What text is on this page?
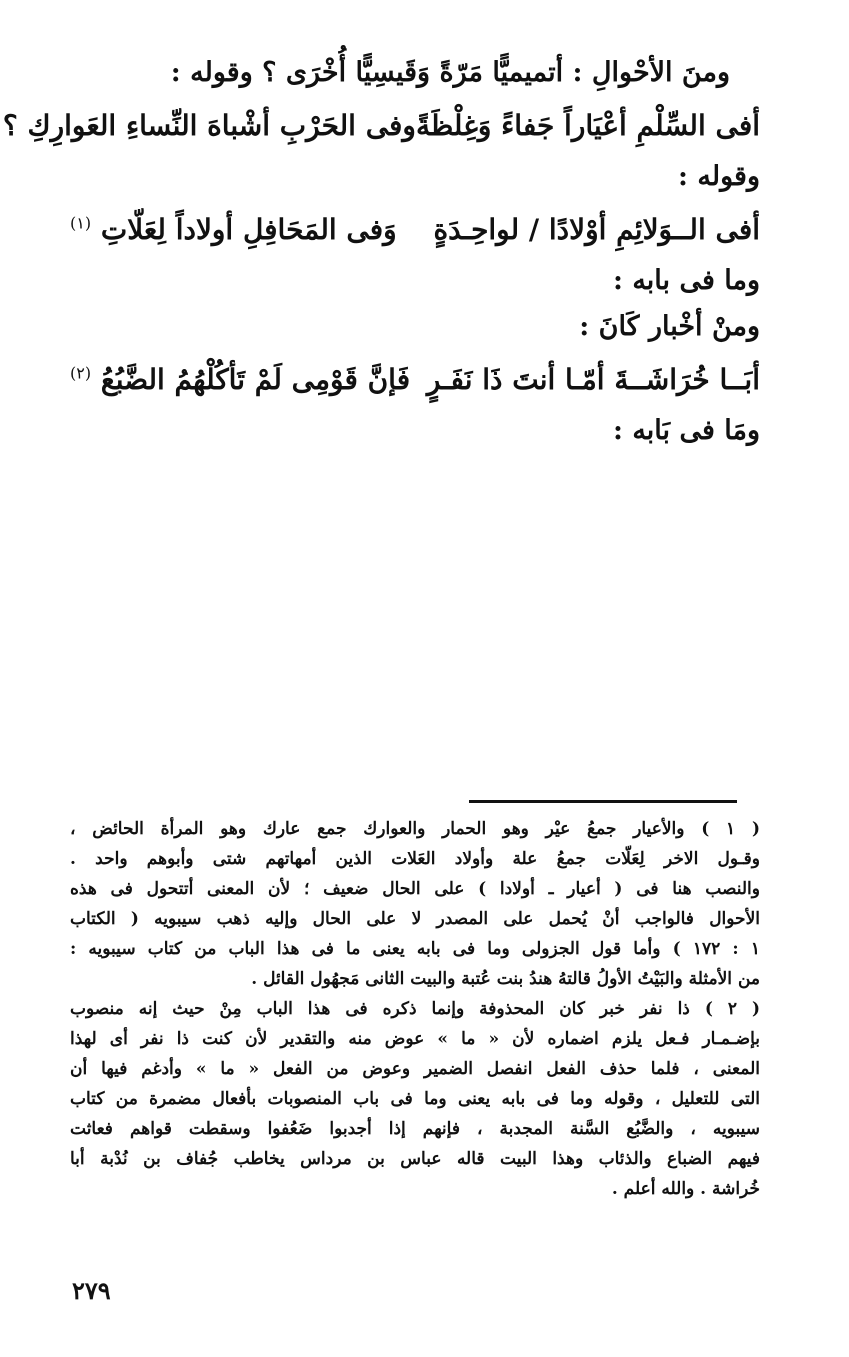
ومنَ الأحْوالِ : أتميميًّا مَرّةً وَقَيسِيًّا أُخْرَى ؟ وقوله :
أفى السِّلْمِ أعْيَاراً جَفاءً وَغِلْظَةً
وفى الحَرْبِ أشْباهَ النِّساءِ العَوارِكِ ؟
وقوله :
أفى الــوَلائِمِ أوْلادًا / لواحِـدَةٍ
وَفى المَحَافِلِ أولاداً لِعَلّاتِ $^{(١)}$
وما فى بابه :
ومنْ أخْبار كَانَ :
أبَــا خُرَاشَــةَ أمّـا أنتَ ذَا نَفَـرٍ
فَإنَّ قَوْمِى لَمْ تَأكُلْهُمُ الضَّبُعُ $^{(٢)}$
ومَا فى بَابه :
( ١ ) والأعيار جمعُ عيْر وهو الحمار والعوارك جمع عارك وهو المرأة الحائض ،
وقـول الاخر لِعَلّات جمعُ علة وأولاد العَلات الذين أمهاتهم شتى وأبوهم واحد .
والنصب هنا فى ( أعيار ـ أولادا ) على الحال ضعيف ؛ لأن المعنى أتتحول فى هذه
الأحوال فالواجب أنْ يُحمل على المصدر لا على الحال وإليه ذهب سيبويه ( الكتاب
١ : ١٧٢ ) وأما قول الجزولى وما فى بابه يعنى ما فى هذا الباب من كتاب سيبويه :
من الأمثلة والبَيْتُ الأولُ قالتهُ هندُ بنت عُتبة والبيت الثانى مَجهُول القائل .
( ٢ ) ذا نفر خبر كان المحذوفة وإنما ذكره فى هذا الباب مِنْ حيث إنه منصوب
بإضـمـار فـعل يلزم اضماره لأن « ما » عوض منه والتقدير لأن كنت ذا نفر أى لهذا
المعنى ، فلما حذف الفعل انفصل الضمير وعوض من الفعل « ما » وأدغم فيها أن
التى للتعليل ، وقوله وما فى بابه يعنى وما فى باب المنصوبات بأفعال مضمرة من كتاب
سيبويه ، والضَّبُع السَّنة المجدبة ، فإنهم إذا أجدبوا ضَعُفوا وسقطت قواهم فعاثت
فيهم الضباع والذئاب وهذا البيت قاله عباس بن مرداس يخاطب جُفاف بن نُدْبة أبا
خُراشة . والله أعلم .
٢٧٩
